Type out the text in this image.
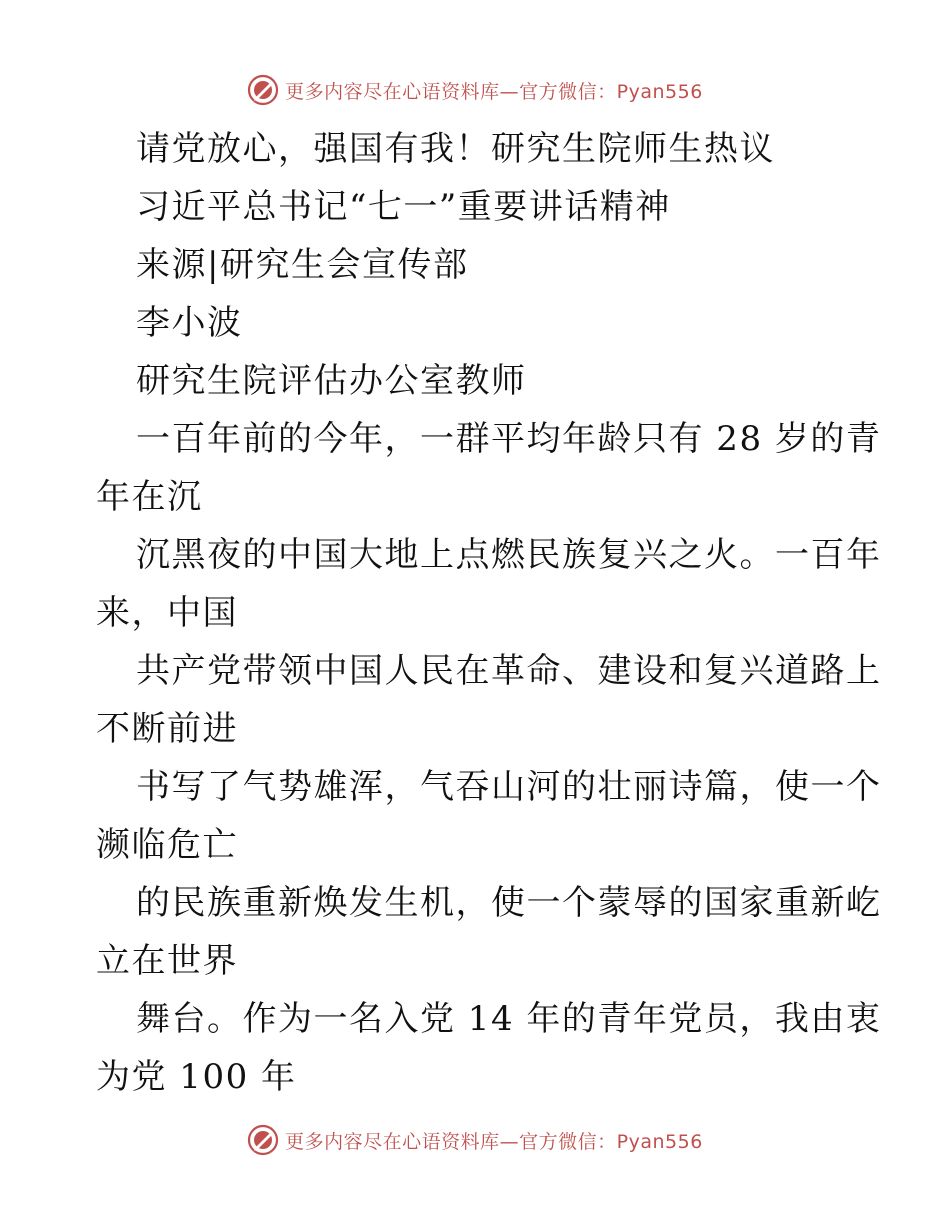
更多内容尽在心语资料库—官方微信：Pyan556
请党放心，强国有我！研究生院师生热议
习近平总书记“七一”重要讲话精神
来源|研究生会宣传部
李小波
研究生院评估办公室教师
一百年前的今年，一群平均年龄只有 28 岁的青
年在沉
沉黑夜的中国大地上点燃民族复兴之火。一百年
来，中国
共产党带领中国人民在革命、建设和复兴道路上
不断前进
书写了气势雄浑，气吞山河的壮丽诗篇，使一个
濒临危亡
的民族重新焕发生机，使一个蒙辱的国家重新屹
立在世界
舞台。作为一名入党 14 年的青年党员，我由衷
为党 100 年
更多内容尽在心语资料库—官方微信：Pyan556
